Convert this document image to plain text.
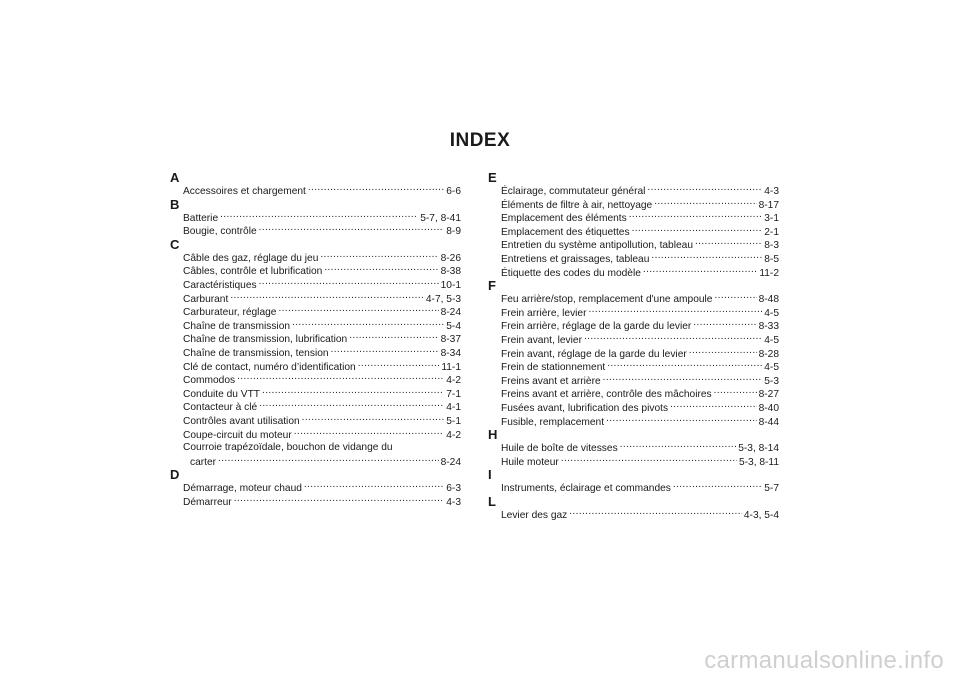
INDEX
A
Accessoires et chargement .....	6-6
B
Batterie .....	5-7, 8-41
Bougie, contrôle .....	8-9
C
Câble des gaz, réglage du jeu .....	8-26
Câbles, contrôle et lubrification .....	8-38
Caractéristiques .....	10-1
Carburant .....	4-7, 5-3
Carburateur, réglage .....	8-24
Chaîne de transmission .....	5-4
Chaîne de transmission, lubrification .....	8-37
Chaîne de transmission, tension .....	8-34
Clé de contact, numéro d’identification .....	11-1
Commodos .....	4-2
Conduite du VTT .....	7-1
Contacteur à clé .....	4-1
Contrôles avant utilisation .....	5-1
Coupe-circuit du moteur .....	4-2
Courroie trapézoïdale, bouchon de vidange du
carter .....	8-24
D
Démarrage, moteur chaud .....	6-3
Démarreur .....	4-3
E
Éclairage, commutateur général .....	4-3
Éléments de filtre à air, nettoyage .....	8-17
Emplacement des éléments .....	3-1
Emplacement des étiquettes .....	2-1
Entretien du système antipollution, tableau .....	8-3
Entretiens et graissages, tableau .....	8-5
Étiquette des codes du modèle .....	11-2
F
Feu arrière/stop, remplacement d'une ampoule .....	8-48
Frein arrière, levier .....	4-5
Frein arrière, réglage de la garde du levier .....	8-33
Frein avant, levier .....	4-5
Frein avant, réglage de la garde du levier .....	8-28
Frein de stationnement .....	4-5
Freins avant et arrière .....	5-3
Freins avant et arrière, contrôle des mâchoires .....	8-27
Fusées avant, lubrification des pivots .....	8-40
Fusible, remplacement .....	8-44
H
Huile de boîte de vitesses .....	5-3, 8-14
Huile moteur .....	5-3, 8-11
I
Instruments, éclairage et commandes .....	5-7
L
Levier des gaz .....	4-3, 5-4
carmanualsonline.info
